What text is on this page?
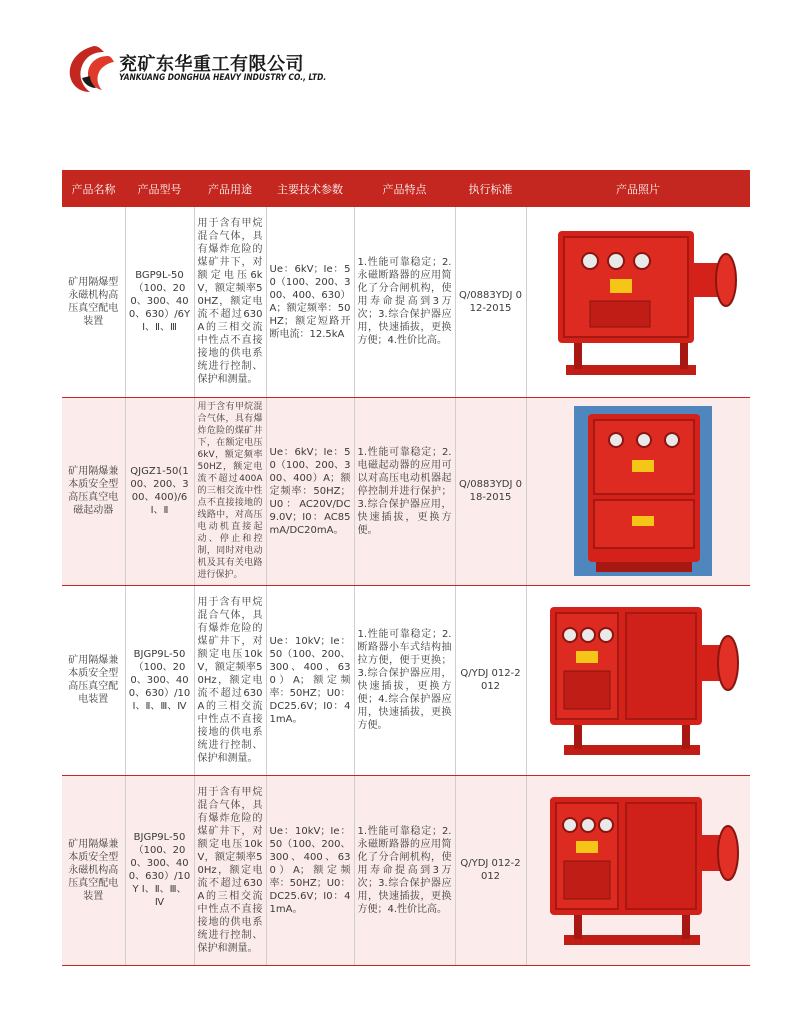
兖矿东华重工有限公司
YANKUANG DONGHUA HEAVY INDUSTRY CO., LTD.
产品名称	产品型号	产品用途	主要技术参数	产品特点	执行标准	产品照片
矿用隔爆型永磁机构高压真空配电装置	BGP9L-50（100、200、300、400、630）/6Y Ⅰ、Ⅱ、Ⅲ	用于含有甲烷混合气体，具有爆炸危险的煤矿井下，对额定电压6kV，额定频率50HZ，额定电流不超过630A的三相交流中性点不直接接地的供电系统进行控制、保护和测量。	Ue：6kV；Ie：50（100、200、300、400、630）A；额定频率：50HZ；额定短路开断电流：12.5kA	1.性能可靠稳定；2.永磁断路器的应用简化了分合闸机构，使用寿命提高到3万次；3.综合保护器应用，快速插拔，更换方便；4.性价比高。	Q/0883YDJ 012-2015	

矿用隔爆兼本质安全型高压真空电磁起动器	QJGZ1-50(100、200、300、400)/6 Ⅰ、Ⅱ	用于含有甲烷混合气体，具有爆炸危险的煤矿井下，在额定电压6kV，额定频率50HZ，额定电流不超过400A的三相交流中性点不直接接地的线路中，对高压电动机直接起动、停止和控制，同时对电动机及其有关电路进行保护。	Ue：6kV；Ie：50（100、200、300、400）A；额定频率：50HZ；U0：AC20V/DC9.0V；I0：AC85mA/DC20mA。	1.性能可靠稳定；2.电磁起动器的应用可以对高压电动机器起停控制并进行保护；3.综合保护器应用，快速插拔，更换方便。	Q/0883YDJ 018-2015	

矿用隔爆兼本质安全型高压真空配电装置	BJGP9L-50（100、200、300、400、630）/10 Ⅰ、Ⅱ、Ⅲ、Ⅳ	用于含有甲烷混合气体，具有爆炸危险的煤矿井下，对额定电压10kV，额定频率50Hz，额定电流不超过630A的三相交流中性点不直接接地的供电系统进行控制、保护和测量。	Ue：10kV；Ie：50（100、200、300、400、630）A；额定频率：50HZ；U0：DC25.6V；I0：41mA。	1.性能可靠稳定；2.断路器小车式结构抽拉方便，便于更换；3.综合保护器应用，快速插拔，更换方便；4.综合保护器应用，快速插拔，更换方便。	Q/YDJ 012-2012	

矿用隔爆兼本质安全型永磁机构高压真空配电装置	BJGP9L-50（100、200、300、400、630）/10Y Ⅰ、Ⅱ、Ⅲ、Ⅳ	用于含有甲烷混合气体，具有爆炸危险的煤矿井下，对额定电压10kV，额定频率50Hz，额定电流不超过630A的三相交流中性点不直接接地的供电系统进行控制、保护和测量。	Ue：10kV；Ie：50（100、200、300、400、630）A；额定频率：50HZ；U0：DC25.6V；I0：41mA。	1.性能可靠稳定；2.永磁断路器的应用简化了分合闸机构，使用寿命提高到3万次；3.综合保护器应用，快速插拔，更换方便；4.性价比高。	Q/YDJ 012-2012	
